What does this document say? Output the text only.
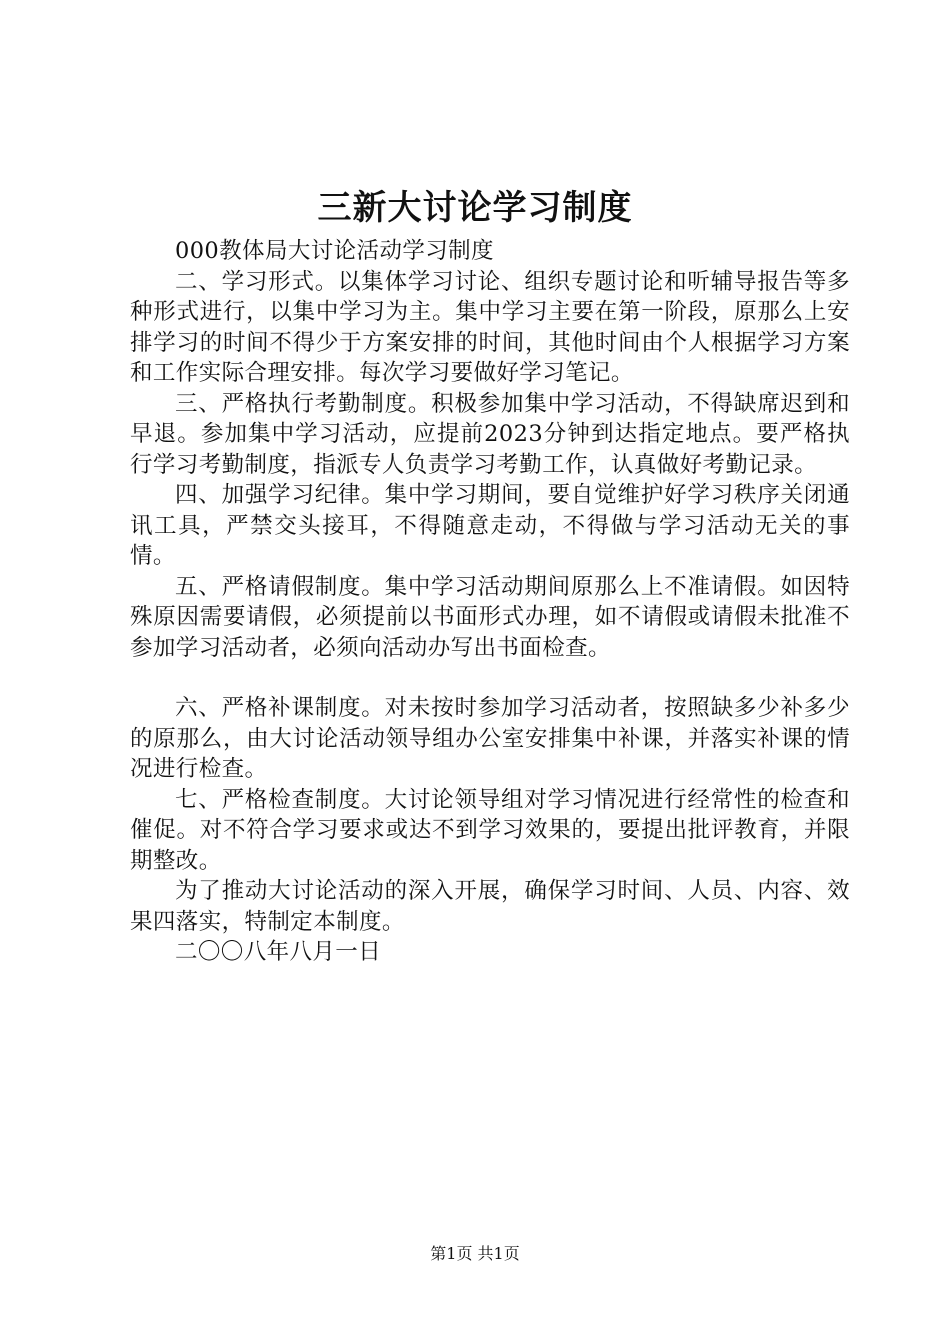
三新大讨论学习制度

000教体局大讨论活动学习制度

二、学习形式。以集体学习讨论、组织专题讨论和听辅导报告等多种形式进行，以集中学习为主。集中学习主要在第一阶段，原那么上安排学习的时间不得少于方案安排的时间，其他时间由个人根据学习方案和工作实际合理安排。每次学习要做好学习笔记。

三、严格执行考勤制度。积极参加集中学习活动，不得缺席迟到和早退。参加集中学习活动，应提前2023分钟到达指定地点。要严格执行学习考勤制度，指派专人负责学习考勤工作，认真做好考勤记录。

四、加强学习纪律。集中学习期间，要自觉维护好学习秩序关闭通讯工具，严禁交头接耳，不得随意走动，不得做与学习活动无关的事情。

五、严格请假制度。集中学习活动期间原那么上不准请假。如因特殊原因需要请假，必须提前以书面形式办理，如不请假或请假未批准不参加学习活动者，必须向活动办写出书面检查。

六、严格补课制度。对未按时参加学习活动者，按照缺多少补多少的原那么，由大讨论活动领导组办公室安排集中补课，并落实补课的情况进行检查。

七、严格检查制度。大讨论领导组对学习情况进行经常性的检查和催促。对不符合学习要求或达不到学习效果的，要提出批评教育，并限期整改。

为了推动大讨论活动的深入开展，确保学习时间、人员、内容、效果四落实，特制定本制度。

二〇〇八年八月一日

第1页 共1页
